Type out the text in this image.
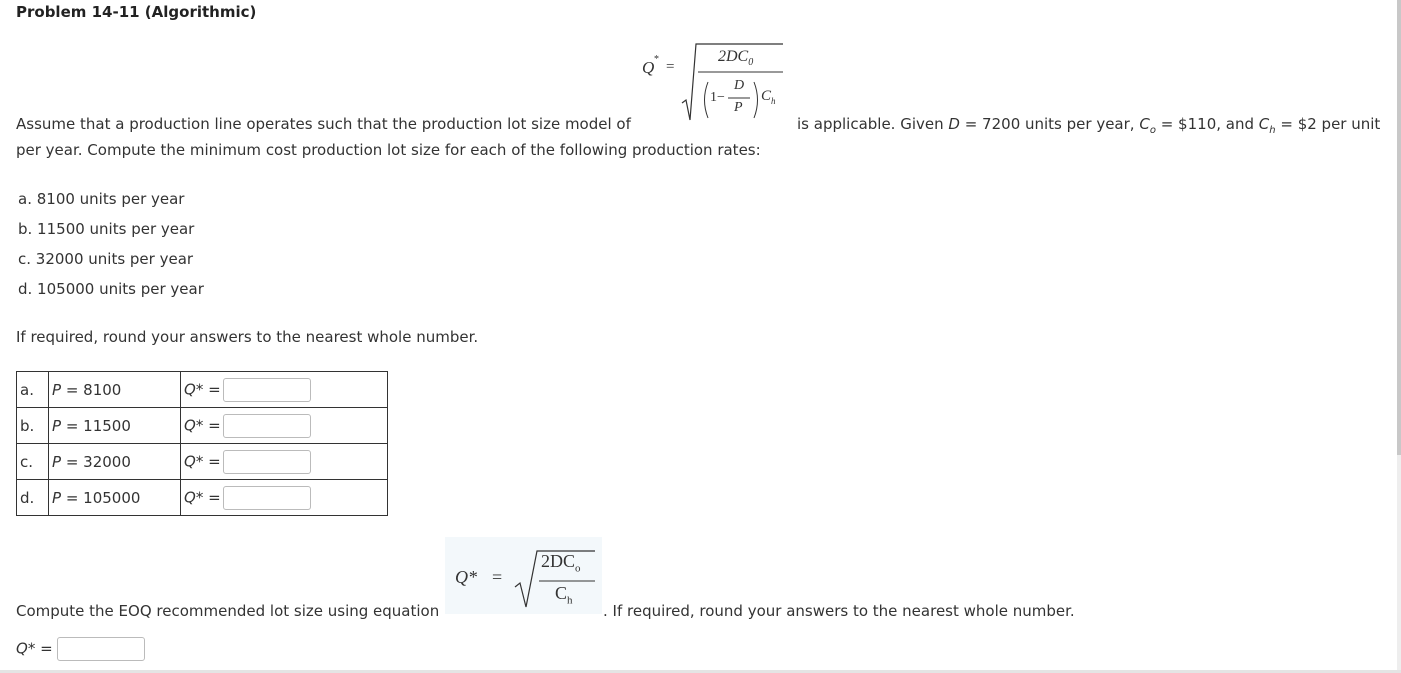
Problem 14-11 (Algorithmic)
Q * =
$2DC_0$
1−
D
P
$C_h$
Assume that a production line operates such that the production lot size model of	is applicable. Given D = 7200 units per year, $C_o$ = $110, and $C_h$ = $2 per unit
per year. Compute the minimum cost production lot size for each of the following production rates:
a. 8100 units per year
b. 11500 units per year
c. 32000 units per year
d. 105000 units per year
If required, round your answers to the nearest whole number.
a.	P = 8100	Q* =
b.	P = 11500	Q* =
c.	P = 32000	Q* =
d.	P = 105000	Q* =
Q* =
$2DC_o$
$C_h$
Compute the EOQ recommended lot size using equation	. If required, round your answers to the nearest whole number.
Q* =
